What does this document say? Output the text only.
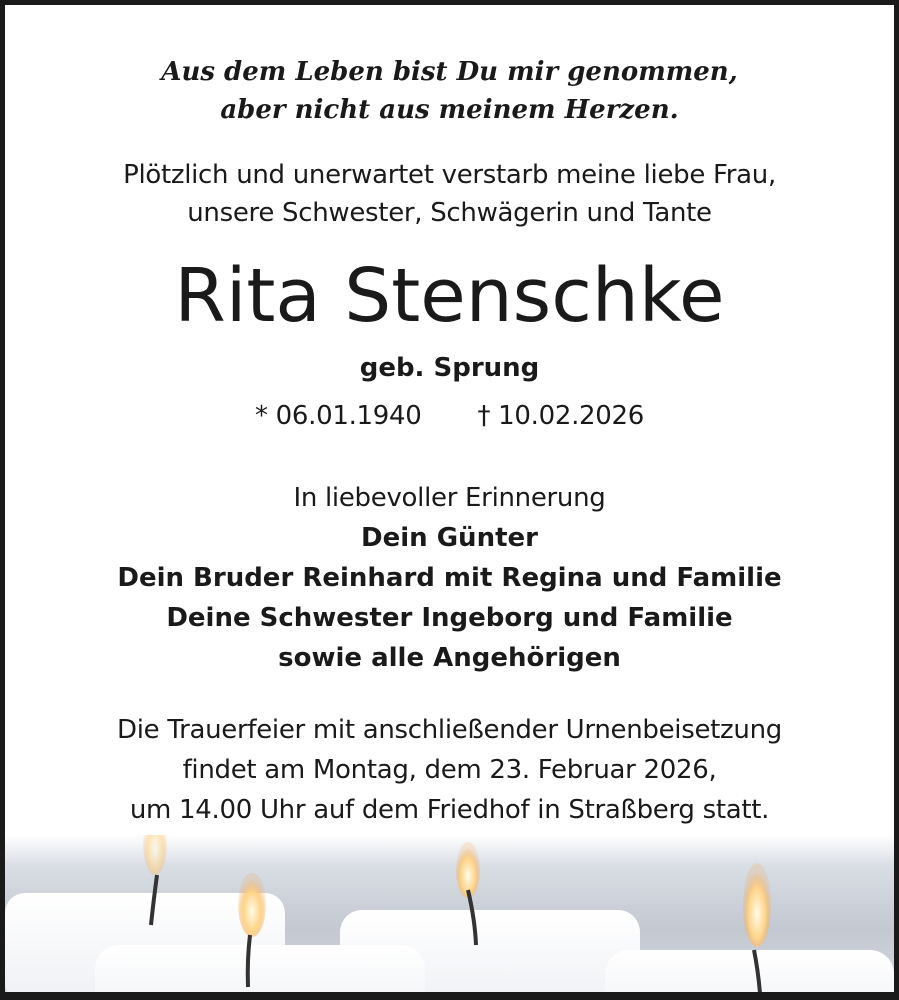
Aus dem Leben bist Du mir genommen,
aber nicht aus meinem Herzen.
Plötzlich und unerwartet verstarb meine liebe Frau,
unsere Schwester, Schwägerin und Tante
Rita Stenschke
geb. Sprung
* 06.01.1940 † 10.02.2026
In liebevoller Erinnerung
Dein Günter
Dein Bruder Reinhard mit Regina und Familie
Deine Schwester Ingeborg und Familie
sowie alle Angehörigen
Die Trauerfeier mit anschließender Urnenbeisetzung
findet am Montag, dem 23. Februar 2026,
um 14.00 Uhr auf dem Friedhof in Straßberg statt.
